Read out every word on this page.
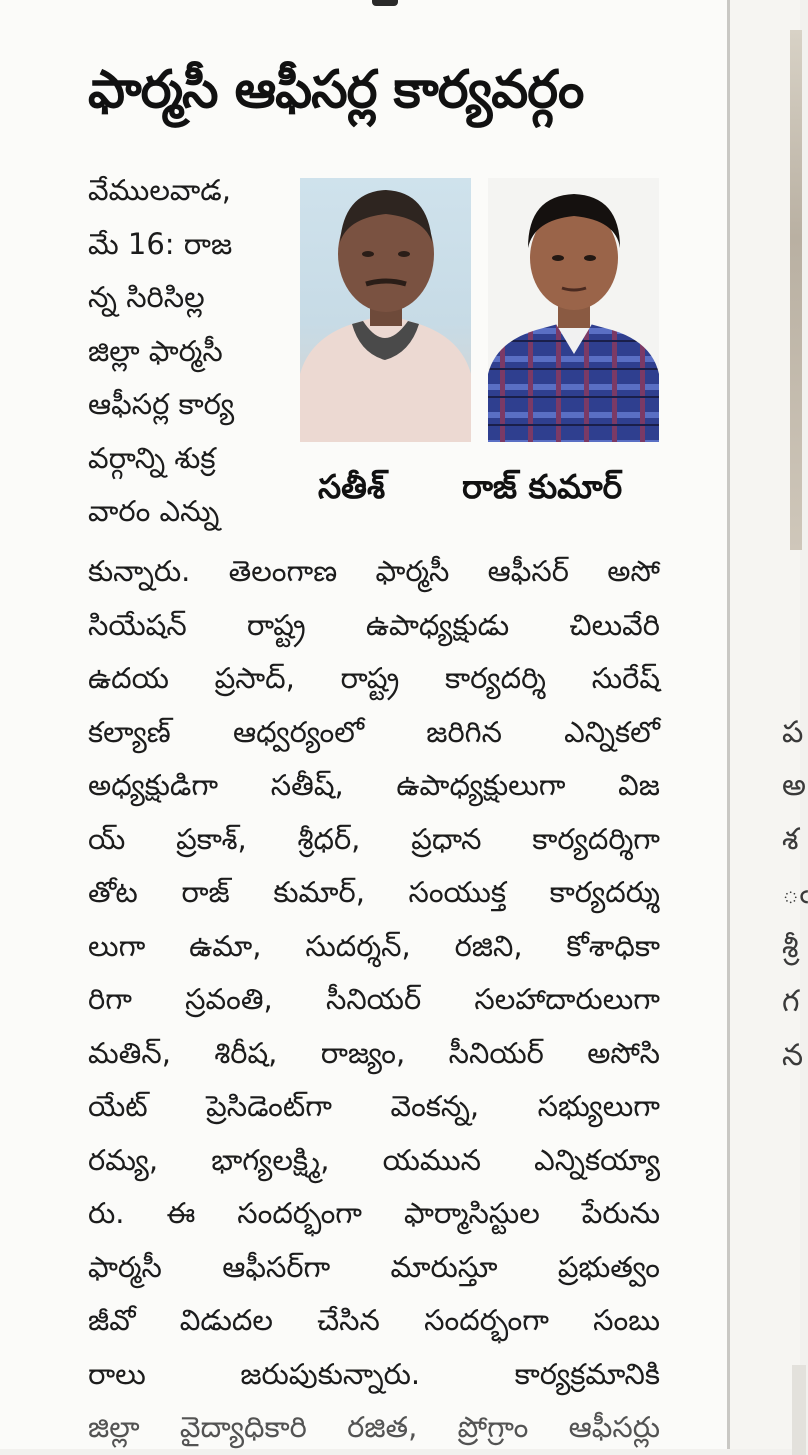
ప
అ
శ
ఁ
శ్రీ
గ
న
ఫార్మసీ ఆఫీసర్ల కార్యవర్గం
వేములవాడ,
మే 16: రాజ
న్న సిరిసిల్ల
జిల్లా ఫార్మసీ
ఆఫీసర్ల కార్య
వర్గాన్ని శుక్ర
వారం ఎన్ను
సతీశ్ రాజ్ కుమార్
కున్నారు. తెలంగాణ ఫార్మసీ ఆఫీసర్ అసో
సియేషన్ రాష్ట్ర ఉపాధ్యక్షుడు చిలువేరి
ఉదయ ప్రసాద్, రాష్ట్ర కార్యదర్శి సురేష్
కల్యాణ్ ఆధ్వర్యంలో జరిగిన ఎన్నికలో
అధ్యక్షుడిగా సతీష్, ఉపాధ్యక్షులుగా విజ
య్ ప్రకాశ్, శ్రీధర్, ప్రధాన కార్యదర్శిగా
తోట రాజ్ కుమార్, సంయుక్త కార్యదర్శు
లుగా ఉమా, సుదర్శన్, రజిని, కోశాధికా
రిగా స్రవంతి, సీనియర్ సలహాదారులుగా
మతిన్, శిరీష, రాజ్యం, సీనియర్ అసోసి
యేట్ ప్రెసిడెంట్‌గా వెంకన్న, సభ్యులుగా
రమ్య, భాగ్యలక్ష్మి, యమున ఎన్నికయ్యా
రు. ఈ సందర్భంగా ఫార్మాసిస్టుల పేరును
ఫార్మసీ ఆఫీసర్‌గా మారుస్తూ ప్రభుత్వం
జీవో విడుదల చేసిన సందర్భంగా సంబు
రాలు జరుపుకున్నారు. కార్యక్రమానికి
జిల్లా వైద్యాధికారి రజిత, ప్రోగ్రాం ఆఫీసర్లు
